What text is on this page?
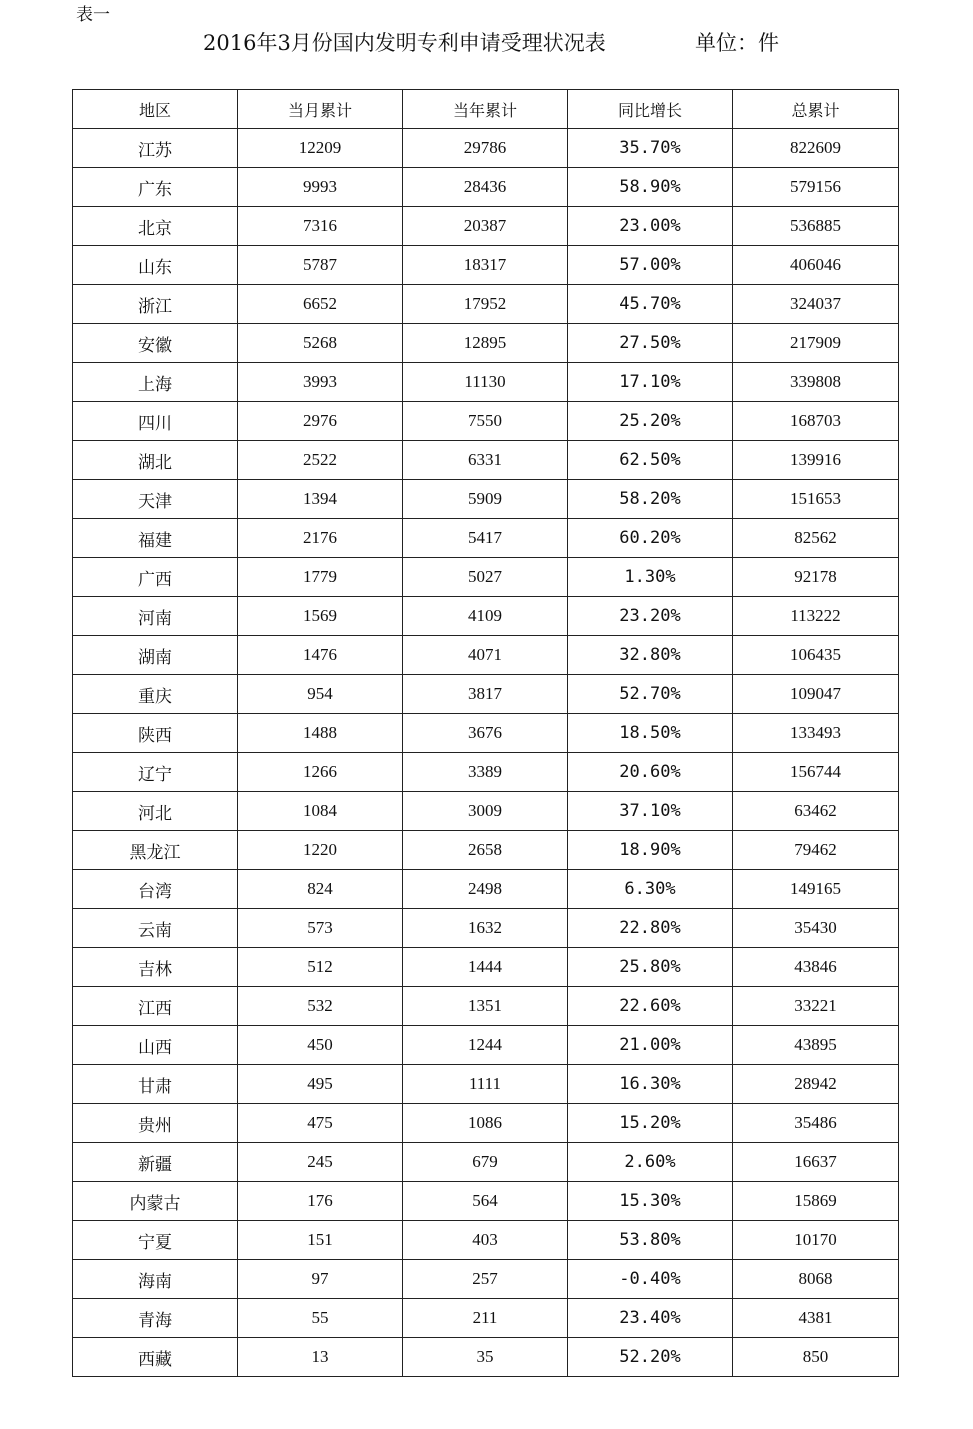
表一
2016年3月份国内发明专利申请受理状况表	单位：件
地区	当月累计	当年累计	同比增长	总累计
江苏	12209	29786	35.70%	822609
广东	9993	28436	58.90%	579156
北京	7316	20387	23.00%	536885
山东	5787	18317	57.00%	406046
浙江	6652	17952	45.70%	324037
安徽	5268	12895	27.50%	217909
上海	3993	11130	17.10%	339808
四川	2976	7550	25.20%	168703
湖北	2522	6331	62.50%	139916
天津	1394	5909	58.20%	151653
福建	2176	5417	60.20%	82562
广西	1779	5027	1.30%	92178
河南	1569	4109	23.20%	113222
湖南	1476	4071	32.80%	106435
重庆	954	3817	52.70%	109047
陕西	1488	3676	18.50%	133493
辽宁	1266	3389	20.60%	156744
河北	1084	3009	37.10%	63462
黑龙江	1220	2658	18.90%	79462
台湾	824	2498	6.30%	149165
云南	573	1632	22.80%	35430
吉林	512	1444	25.80%	43846
江西	532	1351	22.60%	33221
山西	450	1244	21.00%	43895
甘肃	495	1111	16.30%	28942
贵州	475	1086	15.20%	35486
新疆	245	679	2.60%	16637
内蒙古	176	564	15.30%	15869
宁夏	151	403	53.80%	10170
海南	97	257	-0.40%	8068
青海	55	211	23.40%	4381
西藏	13	35	52.20%	850
